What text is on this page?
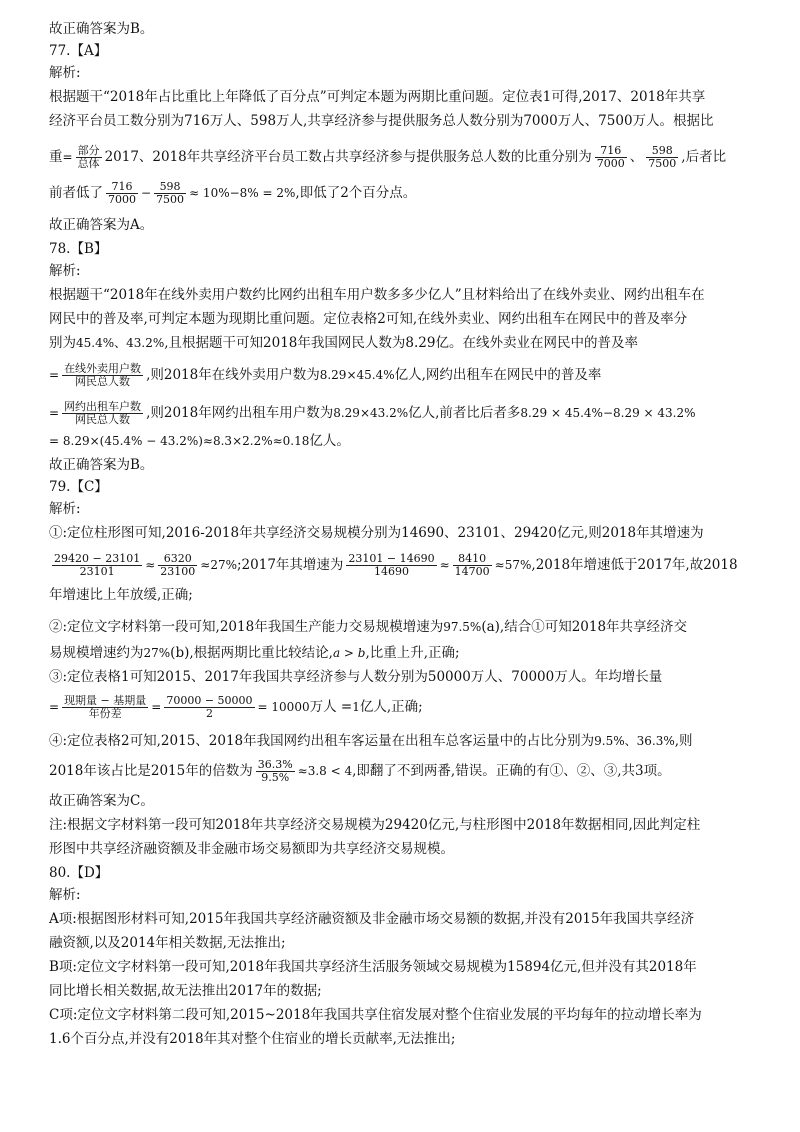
故正确答案为B。
77.【A】
解析:
根据题干“2018年占比重比上年降低了百分点”可判定本题为两期比重问题。定位表1可得,2017、2018年共享
经济平台员工数分别为716万人、598万人,共享经济参与提供服务总人数分别为7000万人、7500万人。根据比
重= $\frac{\text{部分}}{\text{总体}} 2017$、2018年共享经济平台员工数占共享经济参与提供服务总人数的比重分别为 $\frac{716}{7000}$ 、 $\frac{598}{7500}$ ,后者比
前者低了 $\frac{716}{7000} - \frac{598}{7500} \approx 10\%-8\% = 2\%$,即低了2个百分点。
故正确答案为A。
78.【B】
解析:
根据题干“2018年在线外卖用户数约比网约出租车用户数多多少亿人”且材料给出了在线外卖业、网约出租车在
网民中的普及率,可判定本题为现期比重问题。定位表格2可知,在线外卖业、网约出租车在网民中的普及率分
别为45.4%、43.2%,且根据题干可知2018年我国网民人数为8.29亿。在线外卖业在网民中的普及率
= $\frac{\text{在线外卖用户数}}{\text{网民总人数}}$ ,则2018年在线外卖用户数为8.29×45.4%亿人,网约出租车在网民中的普及率
= $\frac{\text{网约出租车户数}}{\text{网民总人数}}$ ,则2018年网约出租车用户数为8.29×43.2%亿人,前者比后者多8.29 × 45.4%−8.29 × 43.2%
= 8.29×(45.4% − 43.2%)≈8.3×2.2%≈0.18亿人。
故正确答案为B。
79.【C】
解析:
①:定位柱形图可知,2016-2018年共享经济交易规模分别为14690、23101、29420亿元,则2018年其增速为
$\frac{29420 - 23101}{23101} \approx \frac{6320}{23100}$ ≈27%;2017年其增速为 $\frac{23101 - 14690}{14690} \approx \frac{8410}{14700} \approx 57\%,2018$年增速低于2017年,故2018
年增速比上年放缓,正确;
②:定位文字材料第一段可知,2018年我国生产能力交易规模增速为97.5%(a),结合①可知2018年共享经济交
易规模增速约为27%(b),根据两期比重比较结论,a > b,比重上升,正确;
③:定位表格1可知2015、2017年我国共享经济参与人数分别为50000万人、70000万人。年均增长量
= $\frac{\text{现期量 − 基期量}}{\text{年份差}} = \frac{70000 - 50000}{2} = 10000$万人 =1亿人,正确;
④:定位表格2可知,2015、2018年我国网约出租车客运量在出租车总客运量中的占比分别为9.5%、36.3%,则
2018年该占比是2015年的倍数为 $\frac{36.3\%}{9.5\%} \approx 3.8 < 4$,即翻了不到两番,错误。正确的有①、②、③,共3项。
故正确答案为C。
注:根据文字材料第一段可知2018年共享经济交易规模为29420亿元,与柱形图中2018年数据相同,因此判定柱
形图中共享经济融资额及非金融市场交易额即为共享经济交易规模。
80.【D】
解析:
A项:根据图形材料可知,2015年我国共享经济融资额及非金融市场交易额的数据,并没有2015年我国共享经济
融资额,以及2014年相关数据,无法推出;
B项:定位文字材料第一段可知,2018年我国共享经济生活服务领域交易规模为15894亿元,但并没有其2018年
同比增长相关数据,故无法推出2017年的数据;
C项:定位文字材料第二段可知,2015~2018年我国共享住宿发展对整个住宿业发展的平均每年的拉动增长率为
1.6个百分点,并没有2018年其对整个住宿业的增长贡献率,无法推出;
